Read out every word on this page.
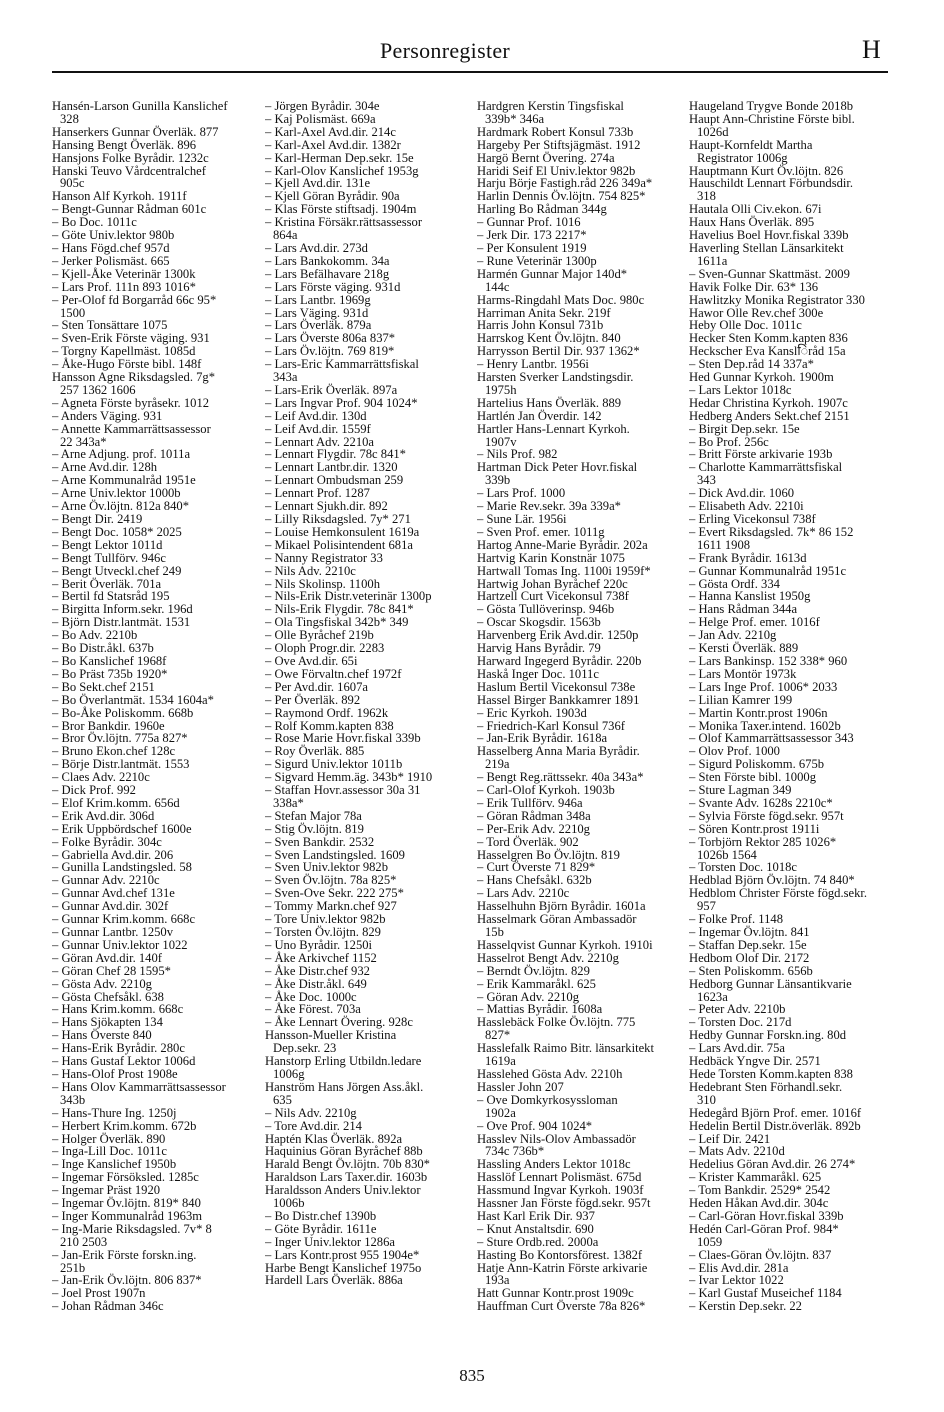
Personregister	H
Hansén-Larson Gunilla Kanslichef
328
Hanserkers Gunnar Överläk. 877
Hansing Bengt Överläk. 896
Hansjons Folke Byrådir. 1232c
Hanski Teuvo Vårdcentralchef
905c
Hanson Alf Kyrkoh. 1911f
– Bengt-Gunnar Rådman 601c
– Bo Doc. 1011c
– Göte Univ.lektor 980b
– Hans Fögd.chef 957d
– Jerker Polismäst. 665
– Kjell-Åke Veterinär 1300k
– Lars Prof. 111n 893 1016*
– Per-Olof fd Borgarråd 66c 95*
1500
– Sten Tonsättare 1075
– Sven-Erik Förste väging. 931
– Torgny Kapellmäst. 1085d
– Åke-Hugo Förste bibl. 148f
Hansson Agne Riksdagsled. 7g*
257 1362 1606
– Agneta Förste byråsekr. 1012
– Anders Väging. 931
– Annette Kammarrättsassessor
22 343a*
– Arne Adjung. prof. 1011a
– Arne Avd.dir. 128h
– Arne Kommunalråd 1951e
– Arne Univ.lektor 1000b
– Arne Öv.löjtn. 812a 840*
– Bengt Dir. 2419
– Bengt Doc. 1058* 2025
– Bengt Lektor 1011d
– Bengt Tullförv. 946c
– Bengt Utveckl.chef 249
– Berit Överläk. 701a
– Bertil fd Statsråd 195
– Birgitta Inform.sekr. 196d
– Björn Distr.lantmät. 1531
– Bo Adv. 2210b
– Bo Distr.åkl. 637b
– Bo Kanslichef 1968f
– Bo Präst 735b 1920*
– Bo Sekt.chef 2151
– Bo Överlantmät. 1534 1604a*
– Bo-Åke Poliskomm. 668b
– Bror Bankdir. 1960e
– Bror Öv.löjtn. 775a 827*
– Bruno Ekon.chef 128c
– Börje Distr.lantmät. 1553
– Claes Adv. 2210c
– Dick Prof. 992
– Elof Krim.komm. 656d
– Erik Avd.dir. 306d
– Erik Uppbördschef 1600e
– Folke Byrådir. 304c
– Gabriella Avd.dir. 206
– Gunilla Landstingsled. 58
– Gunnar Adv. 2210c
– Gunnar Avd.chef 131e
– Gunnar Avd.dir. 302f
– Gunnar Krim.komm. 668c
– Gunnar Lantbr. 1250v
– Gunnar Univ.lektor 1022
– Göran Avd.dir. 140f
– Göran Chef 28 1595*
– Gösta Adv. 2210g
– Gösta Chefsåkl. 638
– Hans Krim.komm. 668c
– Hans Sjökapten 134
– Hans Överste 840
– Hans-Erik Byrådir. 280c
– Hans Gustaf Lektor 1006d
– Hans-Olof Prost 1908e
– Hans Olov Kammarrättsassessor
343b
– Hans-Thure Ing. 1250j
– Herbert Krim.komm. 672b
– Holger Överläk. 890
– Inga-Lill Doc. 1011c
– Inge Kanslichef 1950b
– Ingemar Försöksled. 1285c
– Ingemar Präst 1920
– Ingemar Öv.löjtn. 819* 840
– Inger Kommunalråd 1963m
– Ing-Marie Riksdagsled. 7v* 8
210 2503
– Jan-Erik Förste forskn.ing.
251b
– Jan-Erik Öv.löjtn. 806 837*
– Joel Prost 1907n
– Johan Rådman 346c
– Jörgen Byrådir. 304e
– Kaj Polismäst. 669a
– Karl-Axel Avd.dir. 214c
– Karl-Axel Avd.dir. 1382r
– Karl-Herman Dep.sekr. 15e
– Karl-Olov Kanslichef 1953g
– Kjell Avd.dir. 131e
– Kjell Göran Byrådir. 90a
– Klas Förste stiftsadj. 1904m
– Kristina Försäkr.rättsassessor
864a
– Lars Avd.dir. 273d
– Lars Bankokomm. 34a
– Lars Befälhavare 218g
– Lars Förste väging. 931d
– Lars Lantbr. 1969g
– Lars Väging. 931d
– Lars Överläk. 879a
– Lars Överste 806a 837*
– Lars Öv.löjtn. 769 819*
– Lars-Eric Kammarrättsfiskal
343a
– Lars-Erik Överläk. 897a
– Lars Ingvar Prof. 904 1024*
– Leif Avd.dir. 130d
– Leif Avd.dir. 1559f
– Lennart Adv. 2210a
– Lennart Flygdir. 78c 841*
– Lennart Lantbr.dir. 1320
– Lennart Ombudsman 259
– Lennart Prof. 1287
– Lennart Sjukh.dir. 892
– Lilly Riksdagsled. 7y* 271
– Louise Hemkonsulent 1619a
– Mikael Polisintendent 681a
– Nanny Registrator 33
– Nils Adv. 2210c
– Nils Skolinsp. 1100h
– Nils-Erik Distr.veterinär 1300p
– Nils-Erik Flygdir. 78c 841*
– Ola Tingsfiskal 342b* 349
– Olle Byråchef 219b
– Oloph Progr.dir. 2283
– Ove Avd.dir. 65i
– Owe Förvaltn.chef 1972f
– Per Avd.dir. 1607a
– Per Överläk. 892
– Raymond Ordf. 1962k
– Rolf Komm.kapten 838
– Rose Marie Hovr.fiskal 339b
– Roy Överläk. 885
– Sigurd Univ.lektor 1011b
– Sigvard Hemm.äg. 343b* 1910
– Staffan Hovr.assessor 30a 31
338a*
– Stefan Major 78a
– Stig Öv.löjtn. 819
– Sven Bankdir. 2532
– Sven Landstingsled. 1609
– Sven Univ.lektor 982b
– Sven Öv.löjtn. 78a 825*
– Sven-Ove Sekr. 222 275*
– Tommy Markn.chef 927
– Tore Univ.lektor 982b
– Torsten Öv.löjtn. 829
– Uno Byrådir. 1250i
– Åke Arkivchef 1152
– Åke Distr.chef 932
– Åke Distr.åkl. 649
– Åke Doc. 1000c
– Åke Förest. 703a
– Åke Lennart Övering. 928c
Hansson-Mueller Kristina
Dep.sekr. 23
Hanstorp Erling Utbildn.ledare
1006g
Hanström Hans Jörgen Ass.åkl.
635
– Nils Adv. 2210g
– Tore Avd.dir. 214
Haptén Klas Överläk. 892a
Haquinius Göran Byråchef 88b
Harald Bengt Öv.löjtn. 70b 830*
Haraldson Lars Taxer.dir. 1603b
Haraldsson Anders Univ.lektor
1006b
– Bo Distr.chef 1390b
– Göte Byrådir. 1611e
– Inger Univ.lektor 1286a
– Lars Kontr.prost 955 1904e*
Harbe Bengt Kanslichef 1975o
Hardell Lars Överläk. 886a
Hardgren Kerstin Tingsfiskal
339b* 346a
Hardmark Robert Konsul 733b
Hargeby Per Stiftsjägmäst. 1912
Hargö Bernt Övering. 274a
Haridi Seif El Univ.lektor 982b
Harju Börje Fastigh.råd 226 349a*
Harlin Dennis Öv.löjtn. 754 825*
Harling Bo Rådman 344g
– Gunnar Prof. 1016
– Jerk Dir. 173 2217*
– Per Konsulent 1919
– Rune Veterinär 1300p
Harmén Gunnar Major 140d*
144c
Harms-Ringdahl Mats Doc. 980c
Harriman Anita Sekr. 219f
Harris John Konsul 731b
Harrskog Kent Öv.löjtn. 840
Harrysson Bertil Dir. 937 1362*
– Henry Lantbr. 1956i
Harsten Sverker Landstingsdir.
1975h
Hartelius Hans Överläk. 889
Hartlén Jan Överdir. 142
Hartler Hans-Lennart Kyrkoh.
1907v
– Nils Prof. 982
Hartman Dick Peter Hovr.fiskal
339b
– Lars Prof. 1000
– Marie Rev.sekr. 39a 339a*
– Sune Lär. 1956i
– Sven Prof. emer. 1011g
Hartog Anne-Marie Byrådir. 202a
Hartvig Karin Konstnär 1075
Hartwall Tomas Ing. 1100i 1959f*
Hartwig Johan Byråchef 220c
Hartzell Curt Vicekonsul 738f
– Gösta Tullöverinsp. 946b
– Oscar Skogsdir. 1563b
Harvenberg Erik Avd.dir. 1250p
Harvig Hans Byrådir. 79
Harward Ingegerd Byrådir. 220b
Haskå Inger Doc. 1011c
Haslum Bertil Vicekonsul 738e
Hassel Birger Bankkamrer 1891
– Eric Kyrkoh. 1903d
– Friedrich-Karl Konsul 736f
– Jan-Erik Byrådir. 1618a
Hasselberg Anna Maria Byrådir.
219a
– Bengt Reg.rättssekr. 40a 343a*
– Carl-Olof Kyrkoh. 1903b
– Erik Tullförv. 946a
– Göran Rådman 348a
– Per-Erik Adv. 2210g
– Tord Överläk. 902
Hasselgren Bo Öv.löjtn. 819
– Curt Överste 71 829*
– Hans Chefsåkl. 632b
– Lars Adv. 2210c
Hasselhuhn Björn Byrådir. 1601a
Hasselmark Göran Ambassadör
15b
Hasselqvist Gunnar Kyrkoh. 1910i
Hasselrot Bengt Adv. 2210g
– Berndt Öv.löjtn. 829
– Erik Kammaråkl. 625
– Göran Adv. 2210g
– Mattias Byrådir. 1608a
Hasslebäck Folke Öv.löjtn. 775
827*
Hasslefalk Raimo Bitr. länsarkitekt
1619a
Hasslehed Gösta Adv. 2210h
Hassler John 207
– Ove Domkyrkosyssloman
1902a
– Ove Prof. 904 1024*
Hasslev Nils-Olov Ambassadör
734c 736b*
Hassling Anders Lektor 1018c
Hasslöf Lennart Polismäst. 675d
Hassmund Ingvar Kyrkoh. 1903f
Hassner Jan Förste fögd.sekr. 957t
Hast Karl Erik Dir. 937
– Knut Anstaltsdir. 690
– Sture Ordb.red. 2000a
Hasting Bo Kontorsförest. 1382f
Hatje Ann-Katrin Förste arkivarie
193a
Hatt Gunnar Kontr.prost 1909c
Hauffman Curt Överste 78a 826*
Haugeland Trygve Bonde 2018b
Haupt Ann-Christine Förste bibl.
1026d
Haupt-Kornfeldt Martha
Registrator 1006g
Hauptmann Kurt Öv.löjtn. 826
Hauschildt Lennart Förbundsdir.
318
Hautala Olli Civ.ekon. 67i
Haux Hans Överläk. 895
Havelius Boel Hovr.fiskal 339b
Haverling Stellan Länsarkitekt
1611a
– Sven-Gunnar Skattmäst. 2009
Havik Folke Dir. 63* 136
Hawlitzky Monika Registrator 330
Hawor Olle Rev.chef 300e
Heby Olle Doc. 1011c
Hecker Sten Komm.kapten 836
Heckscher Eva Kanslिråd 15a
– Sten Dep.råd 14 337a*
Hed Gunnar Kyrkoh. 1900m
– Lars Lektor 1018c
Hedar Christina Kyrkoh. 1907c
Hedberg Anders Sekt.chef 2151
– Birgit Dep.sekr. 15e
– Bo Prof. 256c
– Britt Förste arkivarie 193b
– Charlotte Kammarrättsfiskal
343
– Dick Avd.dir. 1060
– Elisabeth Adv. 2210i
– Erling Vicekonsul 738f
– Evert Riksdagsled. 7k* 86 152
1611 1908
– Frank Byrådir. 1613d
– Gunnar Kommunalråd 1951c
– Gösta Ordf. 334
– Hanna Kanslist 1950g
– Hans Rådman 344a
– Helge Prof. emer. 1016f
– Jan Adv. 2210g
– Kersti Överläk. 889
– Lars Bankinsp. 152 338* 960
– Lars Montör 1973k
– Lars Inge Prof. 1006* 2033
– Lilian Kamrer 199
– Martin Kontr.prost 1906n
– Monika Taxer.intend. 1602b
– Olof Kammarrättsassessor 343
– Olov Prof. 1000
– Sigurd Poliskomm. 675b
– Sten Förste bibl. 1000g
– Sture Lagman 349
– Svante Adv. 1628s 2210c*
– Sylvia Förste fögd.sekr. 957t
– Sören Kontr.prost 1911i
– Torbjörn Rektor 285 1026*
1026b 1564
– Torsten Doc. 1018c
Hedblad Björn Öv.löjtn. 74 840*
Hedblom Christer Förste fögd.sekr.
957
– Folke Prof. 1148
– Ingemar Öv.löjtn. 841
– Staffan Dep.sekr. 15e
Hedbom Olof Dir. 2172
– Sten Poliskomm. 656b
Hedborg Gunnar Länsantikvarie
1623a
– Peter Adv. 2210b
– Torsten Doc. 217d
Hedby Gunnar Forskn.ing. 80d
– Lars Avd.dir. 75a
Hedbäck Yngve Dir. 2571
Hede Torsten Komm.kapten 838
Hedebrant Sten Förhandl.sekr.
310
Hedegård Björn Prof. emer. 1016f
Hedelin Bertil Distr.överläk. 892b
– Leif Dir. 2421
– Mats Adv. 2210d
Hedelius Göran Avd.dir. 26 274*
– Krister Kammaråkl. 625
– Tom Bankdir. 2529* 2542
Heden Håkan Avd.dir. 304c
– Carl-Göran Hovr.fiskal 339b
Hedén Carl-Göran Prof. 984*
1059
– Claes-Göran Öv.löjtn. 837
– Elis Avd.dir. 281a
– Ivar Lektor 1022
– Karl Gustaf Museichef 1184
– Kerstin Dep.sekr. 22
835
